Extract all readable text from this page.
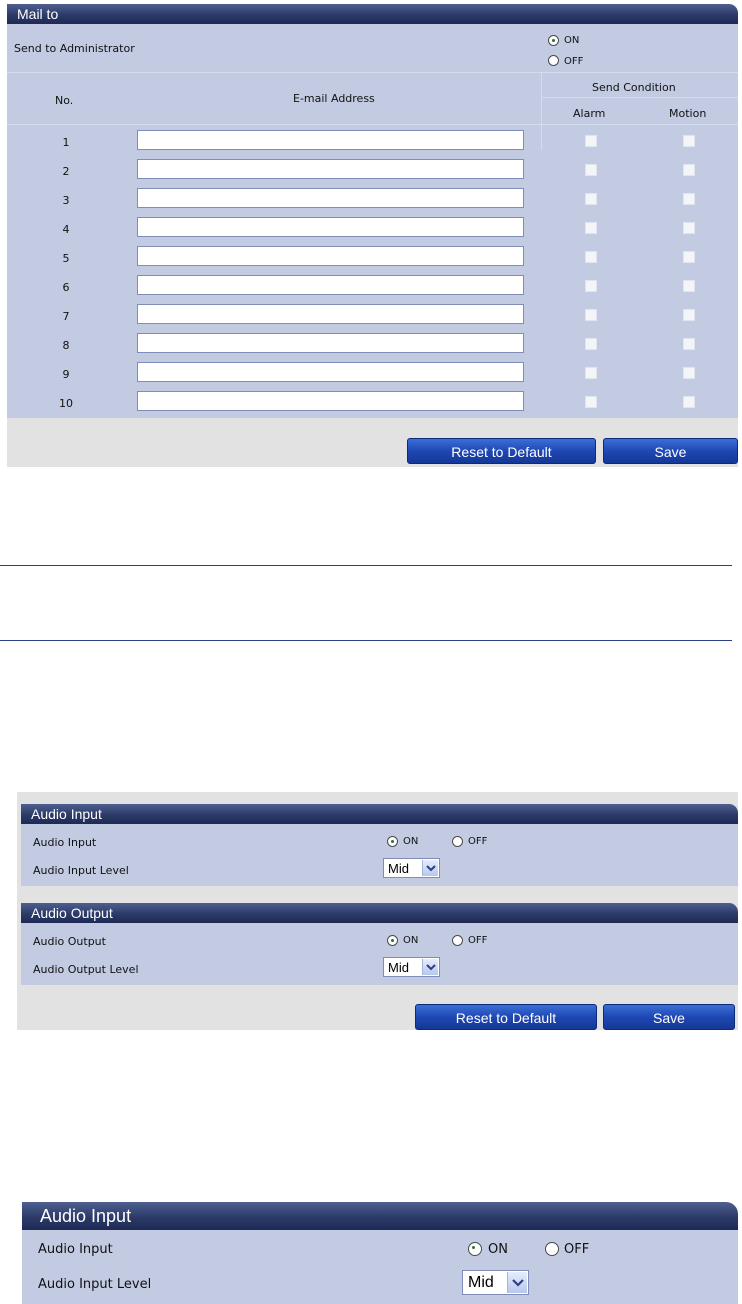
Mail to
Send to Administrator
ON
OFF
No.	E-mail Address
Send Condition
Alarm	Motion
1
2
3
4
5
6
7
8
9
10
Reset to Default	Save
Audio Input
Audio Input	ON	OFF
Audio Input Level	Mid
Audio Output
Audio Output	ON	OFF
Audio Output Level	Mid
Reset to Default	Save
Audio Input
Audio Input	ON	OFF
Audio Input Level	Mid
